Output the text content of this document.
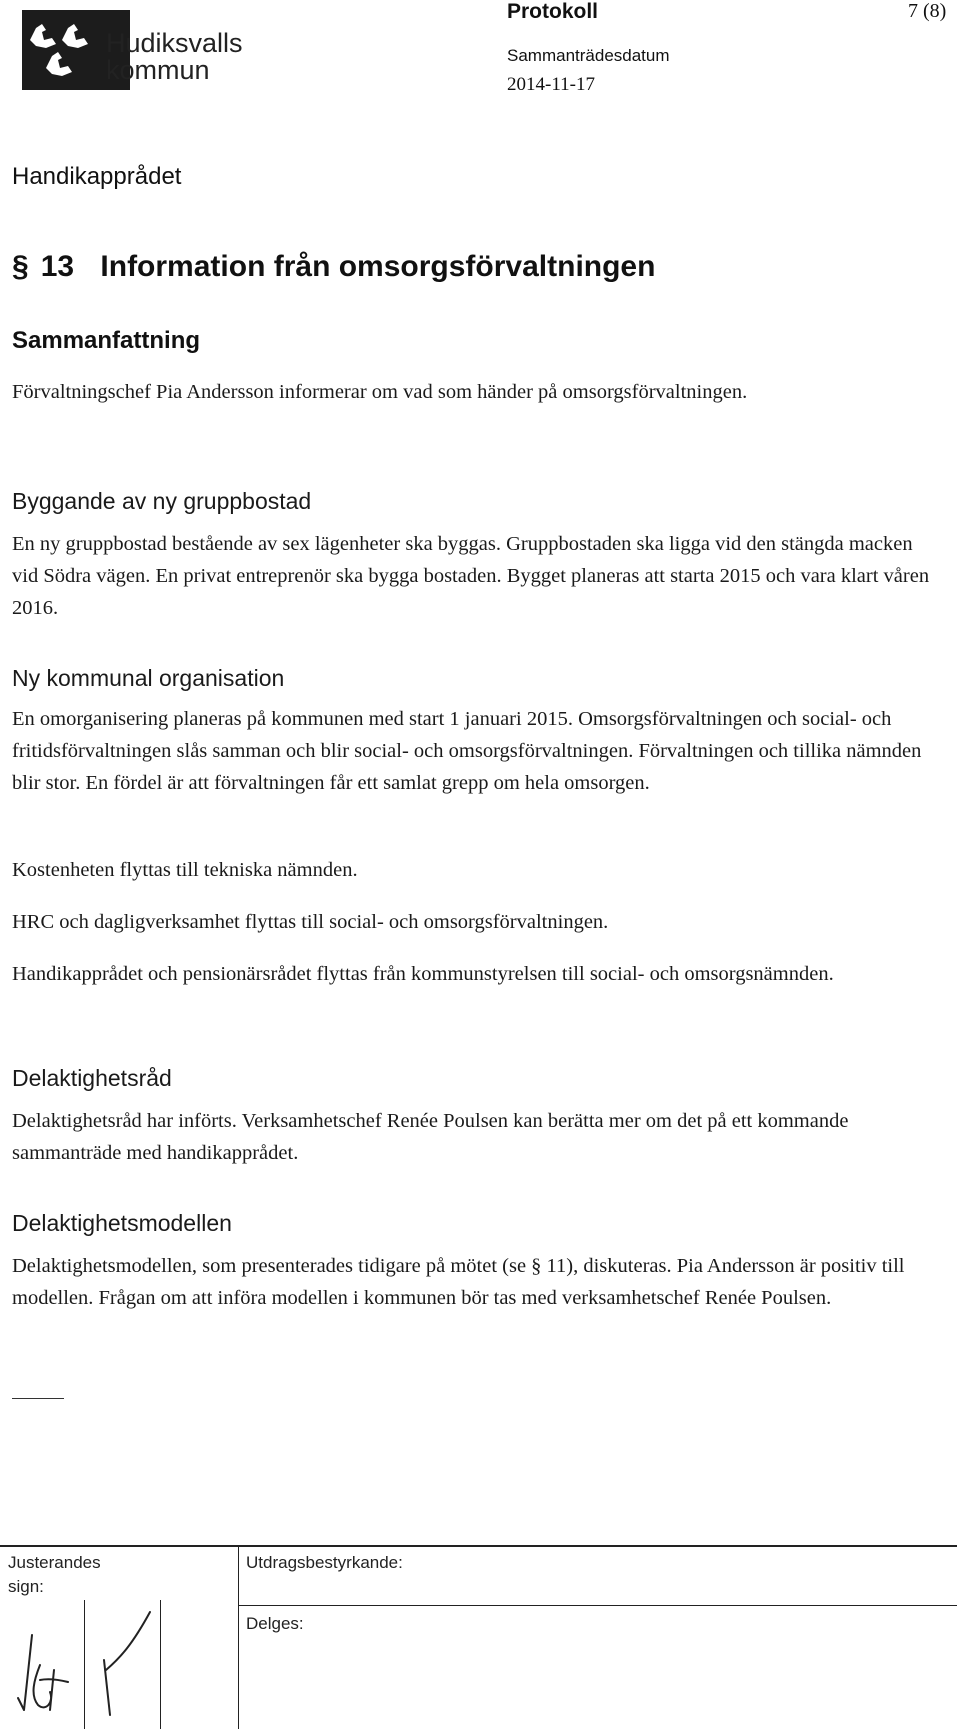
Hudiksvalls
kommun
Protokoll	7 (8)
Sammanträdesdatum
2014-11-17
Handikapprådet
§ 13 Information från omsorgsförvaltningen
Sammanfattning
Förvaltningschef Pia Andersson informerar om vad som händer på omsorgsförvaltningen.
Byggande av ny gruppbostad
En ny gruppbostad bestående av sex lägenheter ska byggas. Gruppbostaden ska ligga vid den stängda macken vid Södra vägen. En privat entreprenör ska bygga bostaden. Bygget planeras att starta 2015 och vara klart våren 2016.
Ny kommunal organisation
En omorganisering planeras på kommunen med start 1 januari 2015. Omsorgsförvaltningen och social- och fritidsförvaltningen slås samman och blir social- och omsorgsförvaltningen. Förvaltningen och tillika nämnden blir stor. En fördel är att förvaltningen får ett samlat grepp om hela omsorgen.
Kostenheten flyttas till tekniska nämnden.
HRC och dagligverksamhet flyttas till social- och omsorgsförvaltningen.
Handikapprådet och pensionärsrådet flyttas från kommunstyrelsen till social- och omsorgsnämnden.
Delaktighetsråd
Delaktighetsråd har införts. Verksamhetschef Renée Poulsen kan berätta mer om det på ett kommande sammanträde med handikapprådet.
Delaktighetsmodellen
Delaktighetsmodellen, som presenterades tidigare på mötet (se § 11), diskuteras. Pia Andersson är positiv till modellen. Frågan om att införa modellen i kommunen bör tas med verksamhetschef Renée Poulsen.
Justerandes
sign:
Utdragsbestyrkande:
Delges:
